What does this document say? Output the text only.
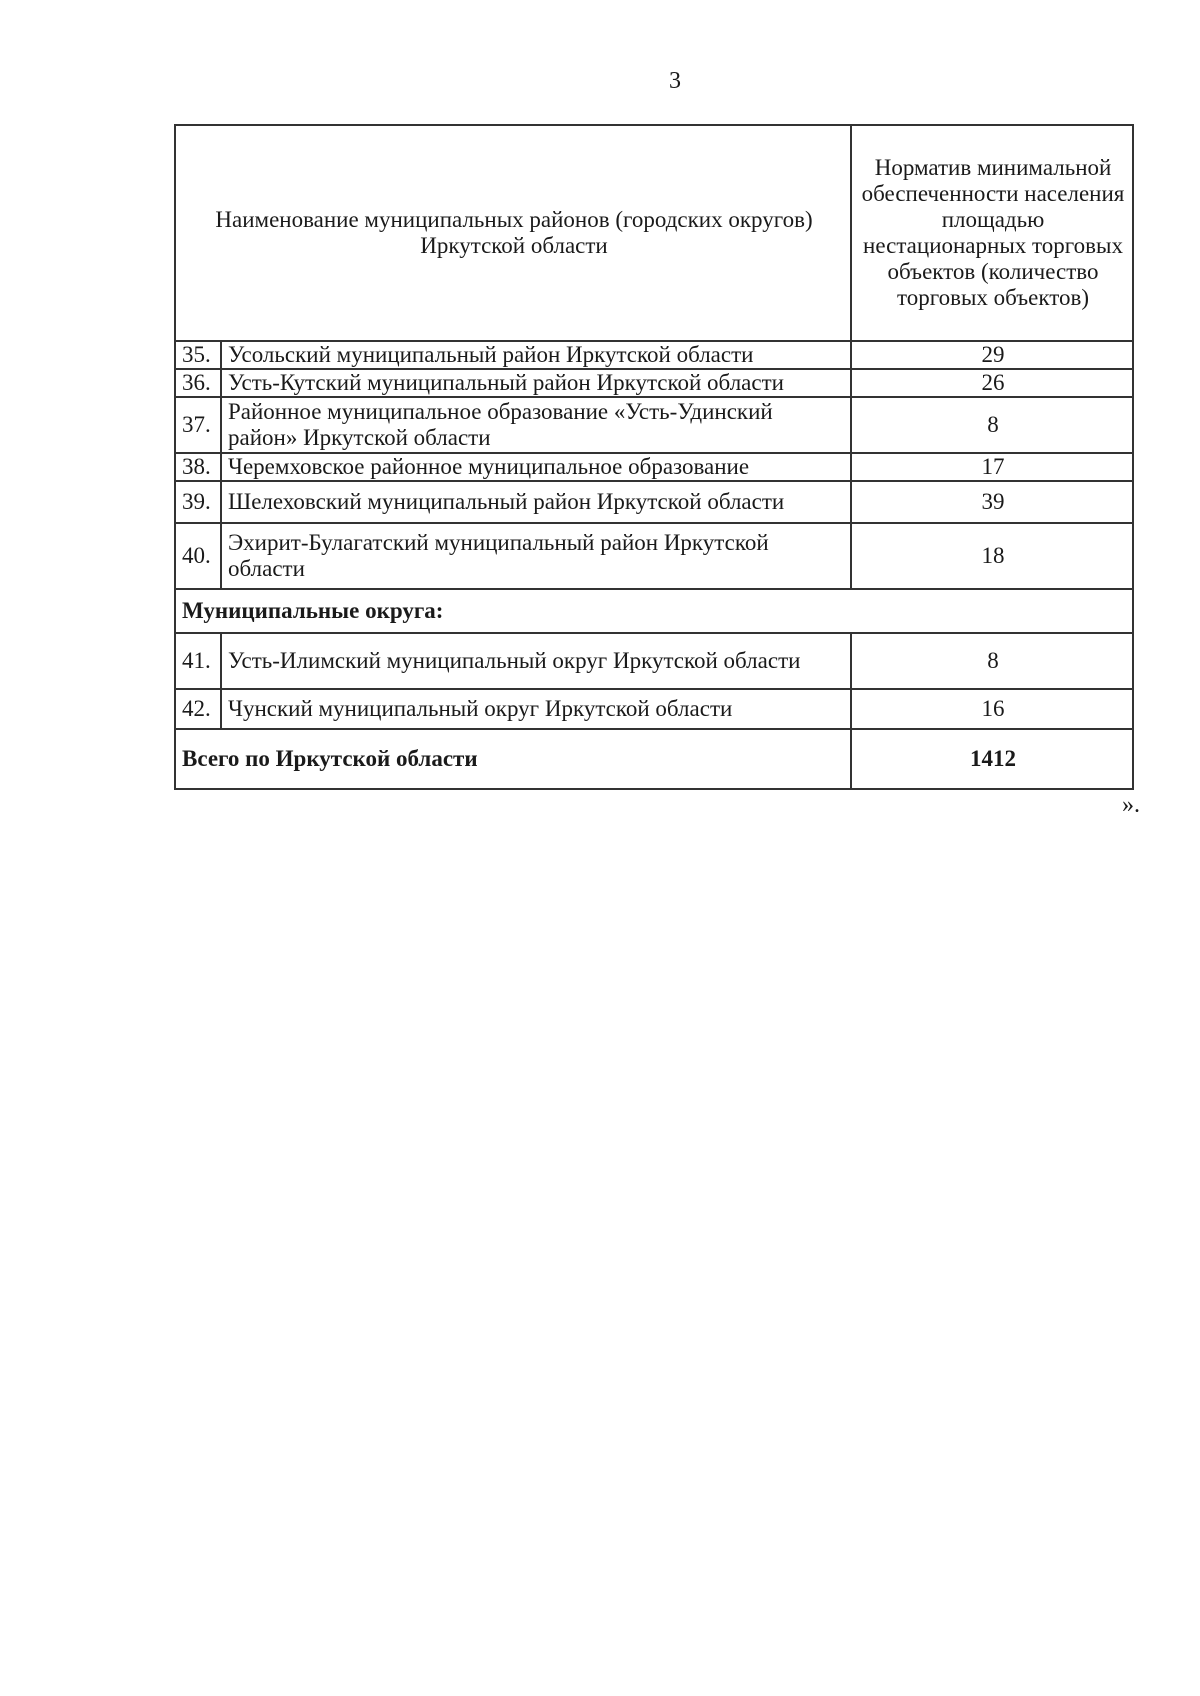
3
Наименование муниципальных районов (городских округов) Иркутской области		Норматив минимальной обеспеченности населения площадью нестационарных торговых объектов (количество торговых объектов)
35.	Усольский муниципальный район Иркутской области	29
36.	Усть-Кутский муниципальный район Иркутской области	26
37.	Районное муниципальное образование «Усть-Удинский район» Иркутской области	8
38.	Черемховское районное муниципальное образование	17
39.	Шелеховский муниципальный район Иркутской области	39
40.	Эхирит-Булагатский муниципальный район Иркутской области	18
Муниципальные округа:		
41.	Усть-Илимский муниципальный округ Иркутской области	8
42.	Чунский муниципальный округ Иркутской области	16
Всего по Иркутской области		1412
».
